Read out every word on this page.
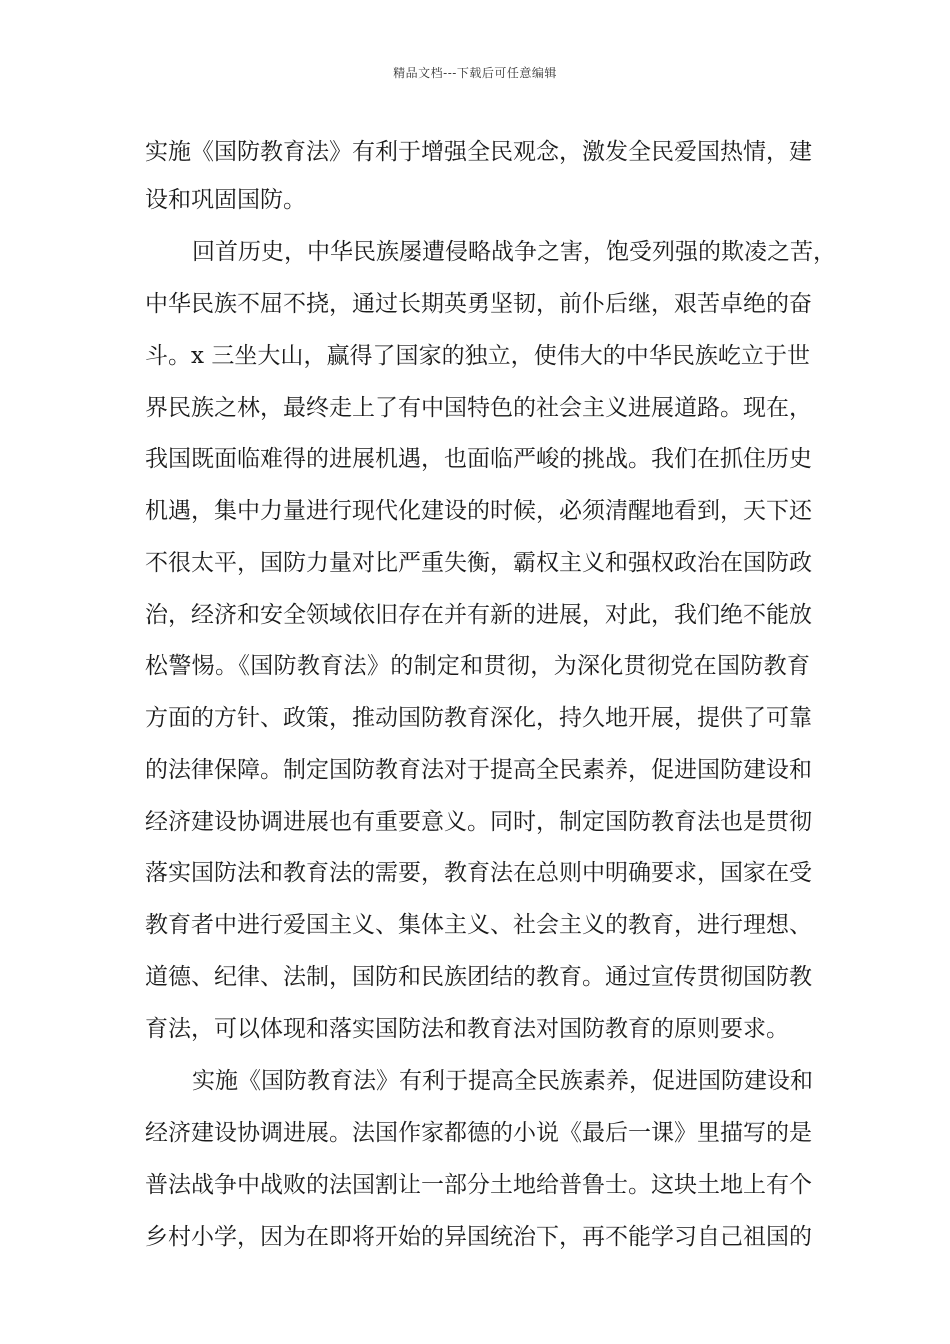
精品文档---下载后可任意编辑
实施《国防教育法》有利于增强全民观念，激发全民爱国热情，建
设和巩固国防。
回首历史，中华民族屡遭侵略战争之害，饱受列强的欺凌之苦，
中华民族不屈不挠，通过长期英勇坚韧，前仆后继，艰苦卓绝的奋
斗。x 三坐大山，赢得了国家的独立，使伟大的中华民族屹立于世
界民族之林，最终走上了有中国特色的社会主义进展道路。现在，
我国既面临难得的进展机遇，也面临严峻的挑战。我们在抓住历史
机遇，集中力量进行现代化建设的时候，必须清醒地看到，天下还
不很太平，国防力量对比严重失衡，霸权主义和强权政治在国防政
治，经济和安全领域依旧存在并有新的进展，对此，我们绝不能放
松警惕。《国防教育法》的制定和贯彻，为深化贯彻党在国防教育
方面的方针、政策，推动国防教育深化，持久地开展，提供了可靠
的法律保障。制定国防教育法对于提高全民素养，促进国防建设和
经济建设协调进展也有重要意义。同时，制定国防教育法也是贯彻
落实国防法和教育法的需要，教育法在总则中明确要求，国家在受
教育者中进行爱国主义、集体主义、社会主义的教育，进行理想、
道德、纪律、法制，国防和民族团结的教育。通过宣传贯彻国防教
育法，可以体现和落实国防法和教育法对国防教育的原则要求。
实施《国防教育法》有利于提高全民族素养，促进国防建设和
经济建设协调进展。法国作家都德的小说《最后一课》里描写的是
普法战争中战败的法国割让一部分土地给普鲁士。这块土地上有个
乡村小学，因为在即将开始的异国统治下，再不能学习自己祖国的
